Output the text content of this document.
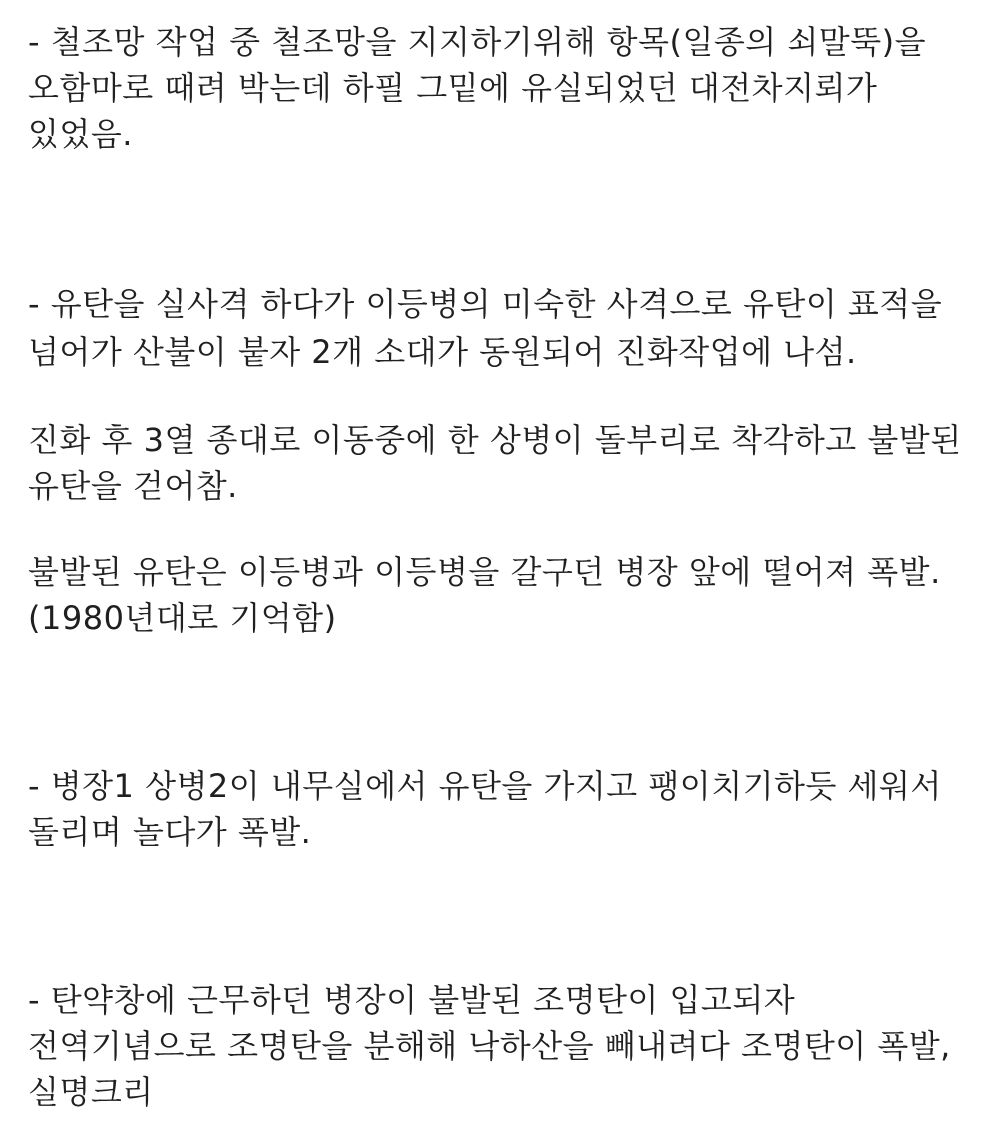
- 철조망 작업 중 철조망을 지지하기위해 항목(일종의 쇠말뚝)을

오함마로 때려 박는데 하필 그밑에 유실되었던 대전차지뢰가

있었음.

- 유탄을 실사격 하다가 이등병의 미숙한 사격으로 유탄이 표적을

넘어가 산불이 붙자 2개 소대가 동원되어 진화작업에 나섬.

진화 후 3열 종대로 이동중에 한 상병이 돌부리로 착각하고 불발된

유탄을 걷어참.

불발된 유탄은 이등병과 이등병을 갈구던 병장 앞에 떨어져 폭발.

(1980년대로 기억함)

- 병장1 상병2이 내무실에서 유탄을 가지고 팽이치기하듯 세워서

돌리며 놀다가 폭발.

- 탄약창에 근무하던 병장이 불발된 조명탄이 입고되자

전역기념으로 조명탄을 분해해 낙하산을 빼내려다 조명탄이 폭발,

실명크리
